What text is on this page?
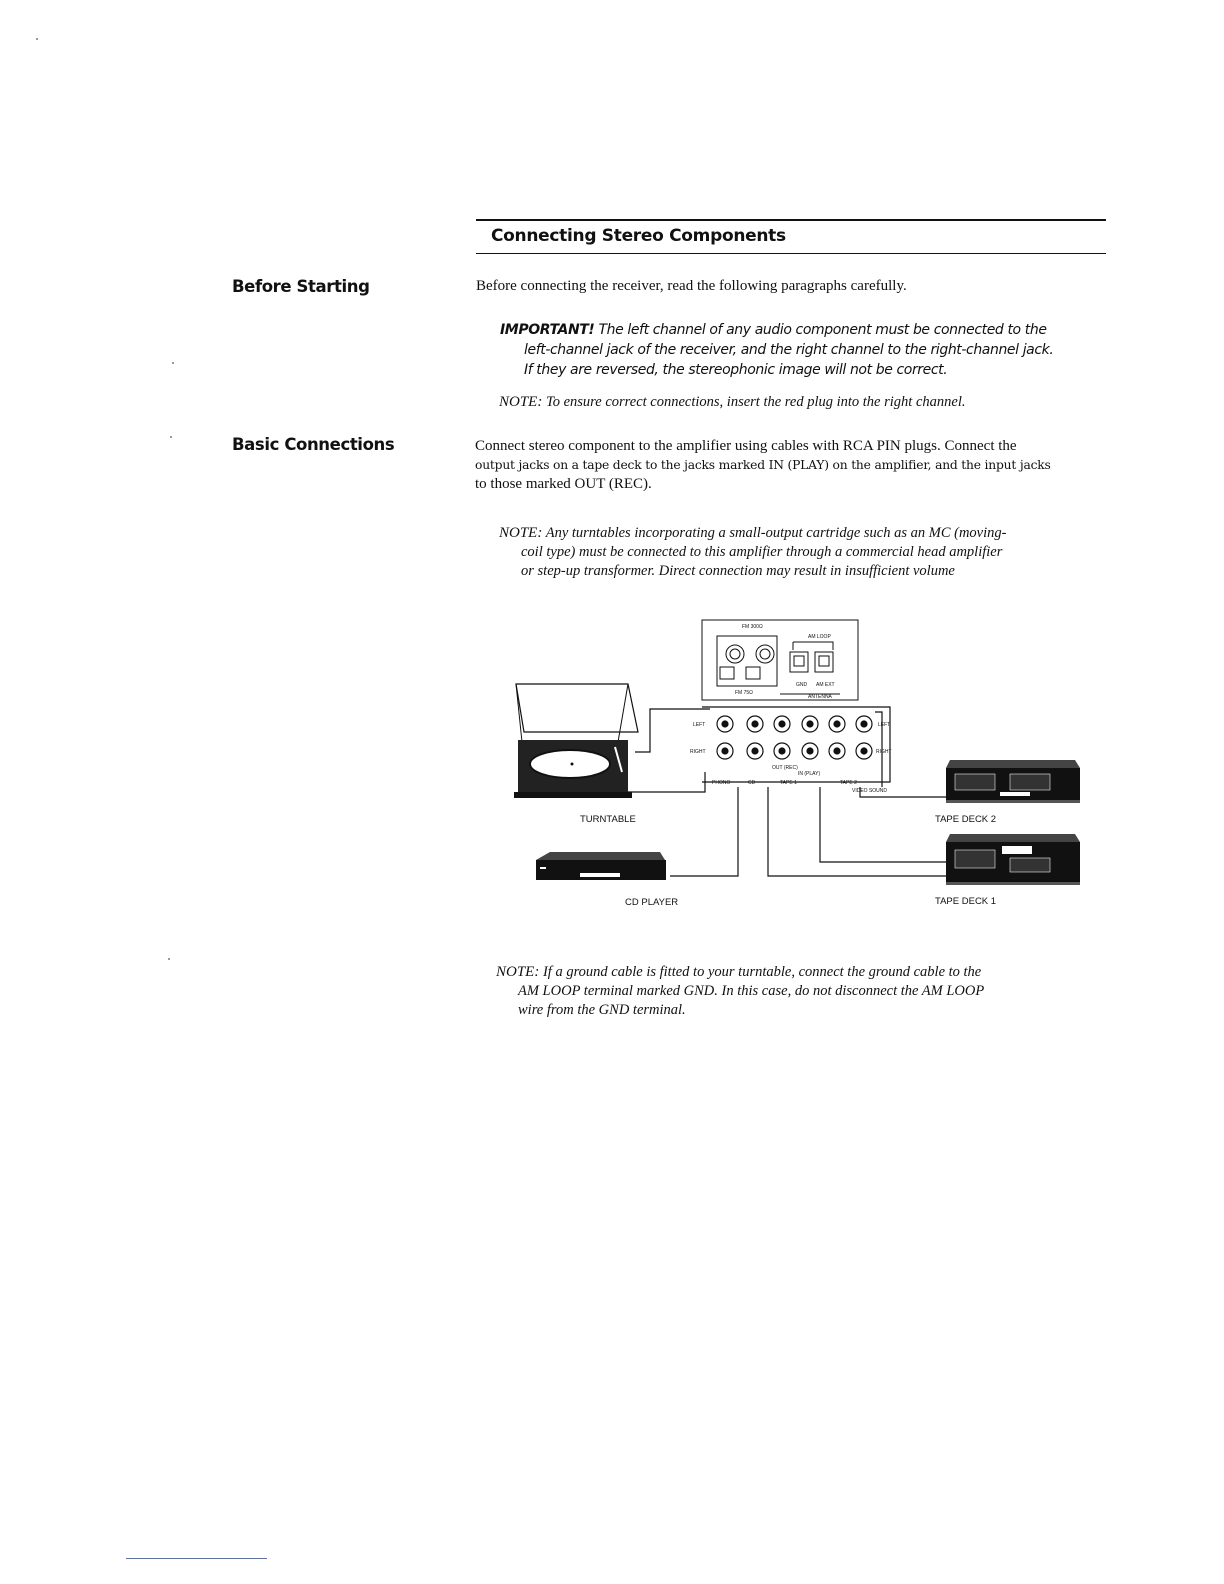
Connecting Stereo Components
Before Starting
Basic Connections
Before connecting the receiver, read the following paragraphs carefully.
IMPORTANT! The left channel of any audio component must be connected to the
left-channel jack of the receiver, and the right channel to the right-channel jack.
If they are reversed, the stereophonic image will not be correct.
NOTE: To ensure correct connections, insert the red plug into the right channel.
Connect stereo component to the amplifier using cables with RCA PIN plugs. Connect the
output jacks on a tape deck to the jacks marked IN (PLAY) on the amplifier, and the input jacks
to those marked OUT (REC).
NOTE: Any turntables incorporating a small-output cartridge such as an MC (moving-
coil type) must be connected to this amplifier through a commercial head amplifier
or step-up transformer. Direct connection may result in insufficient volume
FM 300Ω
FM 75Ω
AM LOOP
GND AM EXT
ANTENNA
LEFT	LEFT
RIGHT	RIGHT
PHONO	CD
OUT (REC)
IN (PLAY)
TAPE 1	TAPE 2
VIDEO SOUND
TURNTABLE
CD PLAYER
TAPE DECK 2
TAPE DECK 1
NOTE: If a ground cable is fitted to your turntable, connect the ground cable to the
AM LOOP terminal marked GND. In this case, do not disconnect the AM LOOP
wire from the GND terminal.
